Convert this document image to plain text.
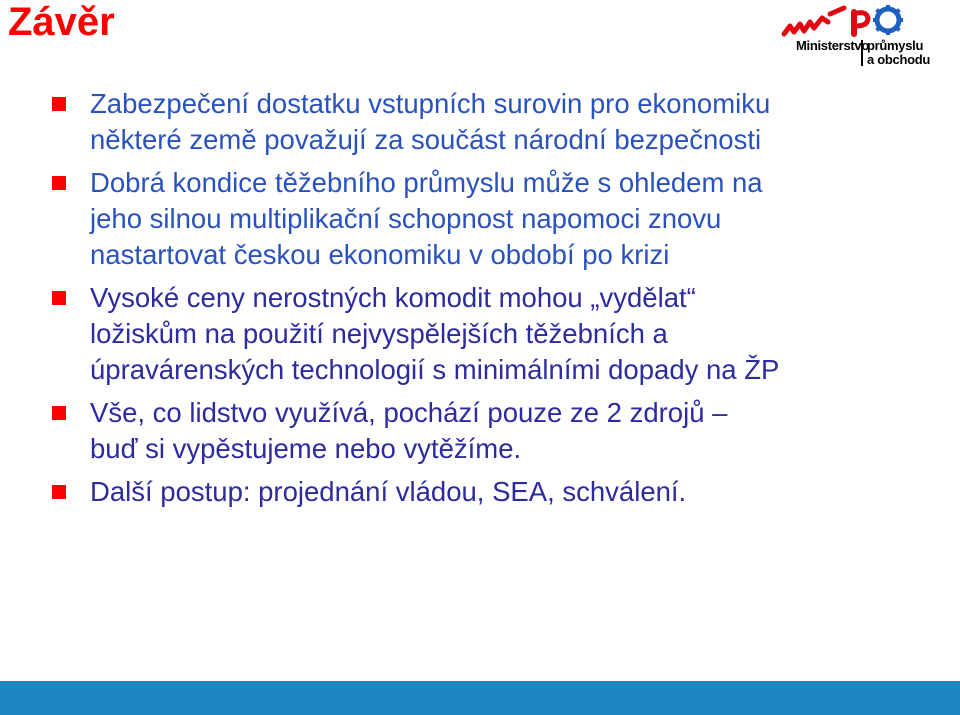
Závěr
Ministerstvo
průmyslu
a obchodu
Zabezpečení dostatku vstupních surovin pro ekonomiku
některé země považují za součást národní bezpečnosti
Dobrá kondice těžebního průmyslu může s ohledem na
jeho silnou multiplikační schopnost napomoci znovu
nastartovat českou ekonomiku v období po krizi
Vysoké ceny nerostných komodit mohou „vydělat“
ložiskům na použití nejvyspělejších těžebních a
úpravárenských technologií s minimálními dopady na ŽP
Vše, co lidstvo využívá, pochází pouze ze 2 zdrojů –
buď si vypěstujeme nebo vytěžíme.
Další postup: projednání vládou, SEA, schválení.
